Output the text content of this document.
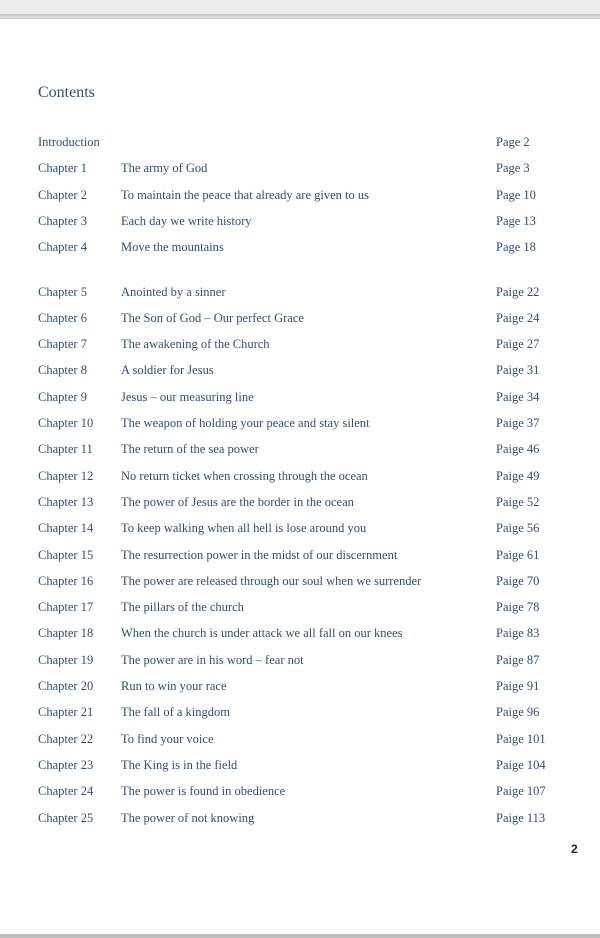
Contents
Introduction	Page 2
Chapter 1	The army of God	Page 3
Chapter 2	To maintain the peace that already are given to us	Page 10
Chapter 3	Each day we write history	Page 13
Chapter 4	Move the mountains	Page 18
Chapter 5	Anointed by a sinner	Paige 22
Chapter 6	The Son of God – Our perfect Grace	Paige 24
Chapter 7	The awakening of the Church	Paige 27
Chapter 8	A soldier for Jesus	Paige 31
Chapter 9	Jesus – our measuring line	Paige 34
Chapter 10 The weapon of holding your peace and stay silent	Paige 37
Chapter 11 The return of the sea power	Paige 46
Chapter 12 No return ticket when crossing through the ocean	Paige 49
Chapter 13 The power of Jesus are the border in the ocean	Paige 52
Chapter 14 To keep walking when all hell is lose around you	Paige 56
Chapter 15 The resurrection power in the midst of our discernment	Paige 61
Chapter 16 The power are released through our soul when we surrender	Paige 70
Chapter 17 The pillars of the church	Paige 78
Chapter 18 When the church is under attack we all fall on our knees	Paige 83
Chapter 19 The power are in his word – fear not	Paige 87
Chapter 20 Run to win your race	Paige 91
Chapter 21 The fall of a kingdom	Paige 96
Chapter 22 To find your voice	Paige 101
Chapter 23 The King is in the field	Paige 104
Chapter 24 The power is found in obedience	Paige 107
Chapter 25 The power of not knowing	Paige 113
2
